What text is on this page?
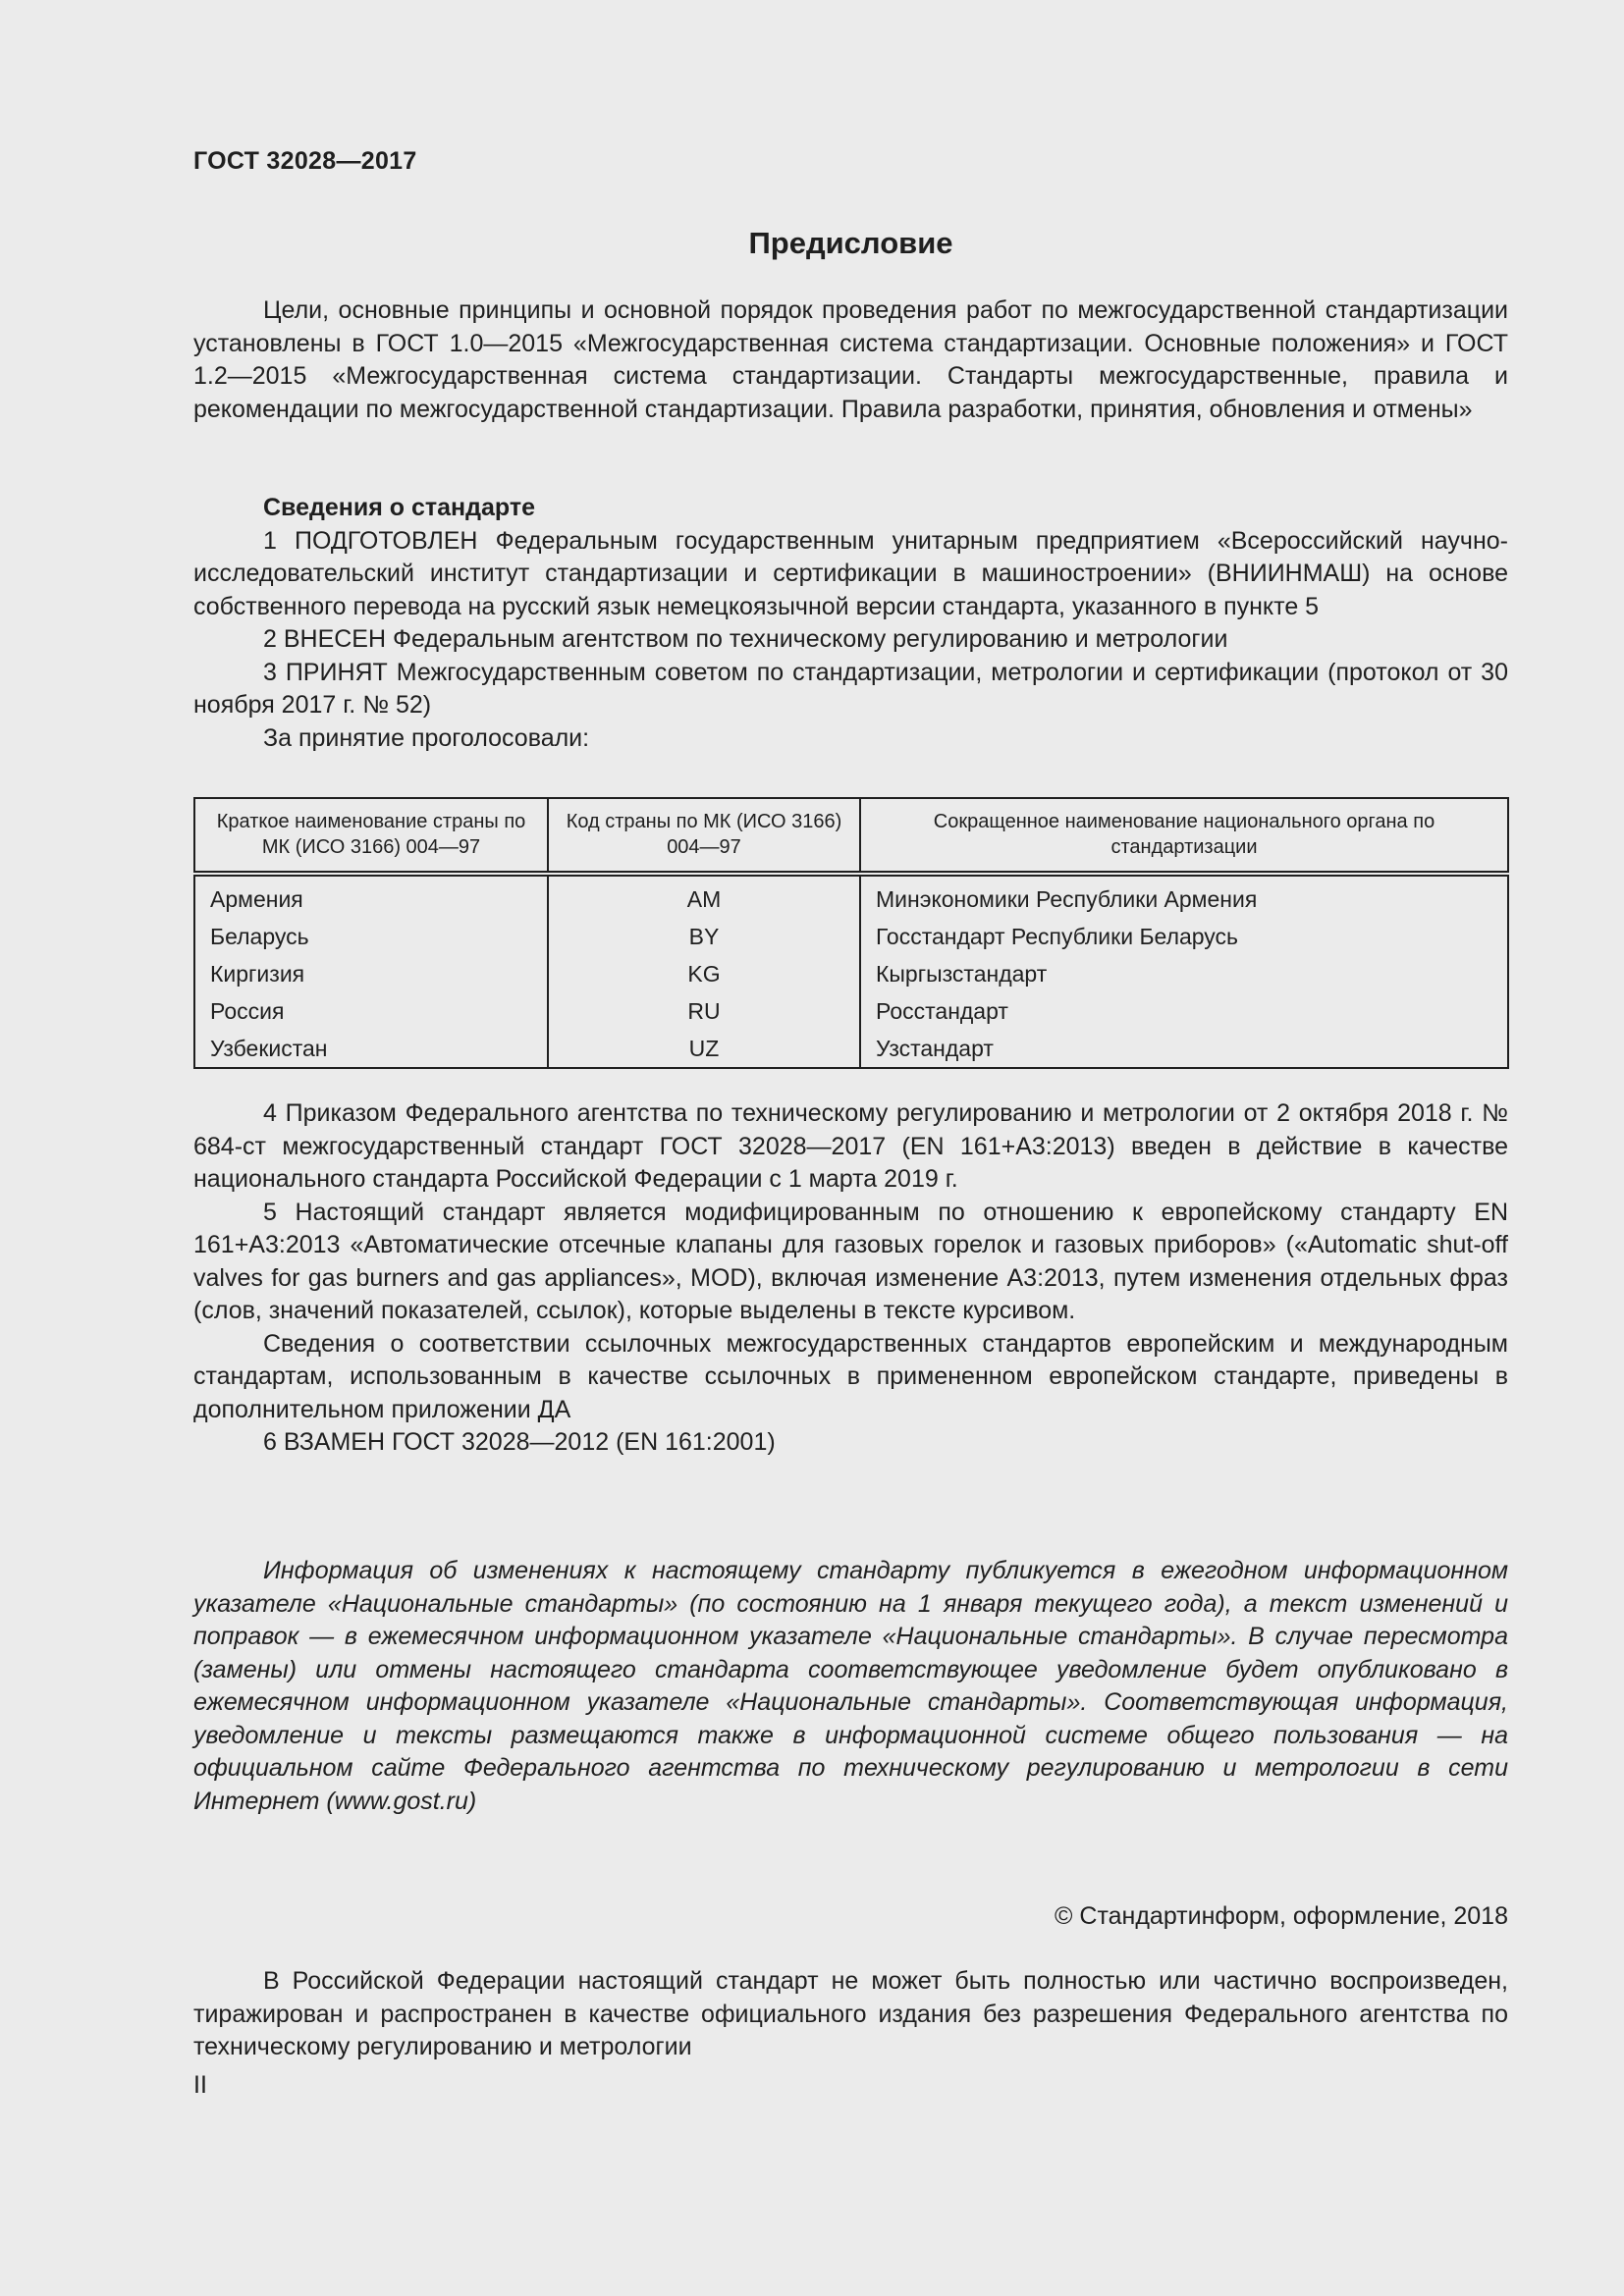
ГОСТ 32028—2017
Предисловие

Цели, основные принципы и основной порядок проведения работ по межгосударственной стандартизации установлены в ГОСТ 1.0—2015 «Межгосударственная система стандартизации. Основные положения» и ГОСТ 1.2—2015 «Межгосударственная система стандартизации. Стандарты межгосударственные, правила и рекомендации по межгосударственной стандартизации. Правила разработки, принятия, обновления и отмены»

Сведения о стандарте

1 ПОДГОТОВЛЕН Федеральным государственным унитарным предприятием «Всероссийский научно-исследовательский институт стандартизации и сертификации в машиностроении» (ВНИИНМАШ) на основе собственного перевода на русский язык немецкоязычной версии стандарта, указанного в пункте 5

2 ВНЕСЕН Федеральным агентством по техническому регулированию и метрологии

3 ПРИНЯТ Межгосударственным советом по стандартизации, метрологии и сертификации (протокол от 30 ноября 2017 г. № 52)

За принятие проголосовали:

Краткое наименование страны по МК (ИСО 3166) 004—97	Код страны по МК (ИСО 3166) 004—97	Сокращенное наименование национального органа по стандартизации
Армения	AM	Минэкономики Республики Армения
Беларусь	BY	Госстандарт Республики Беларусь
Киргизия	KG	Кыргызстандарт
Россия	RU	Росстандарт
Узбекистан	UZ	Узстандарт

4 Приказом Федерального агентства по техническому регулированию и метрологии от 2 октября 2018 г. № 684-ст межгосударственный стандарт ГОСТ 32028—2017 (EN 161+A3:2013) введен в действие в качестве национального стандарта Российской Федерации с 1 марта 2019 г.

5 Настоящий стандарт является модифицированным по отношению к европейскому стандарту EN 161+A3:2013 «Автоматические отсечные клапаны для газовых горелок и газовых приборов» («Automatic shut-off valves for gas burners and gas appliances», MOD), включая изменение A3:2013, путем изменения отдельных фраз (слов, значений показателей, ссылок), которые выделены в тексте курсивом.

Сведения о соответствии ссылочных межгосударственных стандартов европейским и международным стандартам, использованным в качестве ссылочных в примененном европейском стандарте, приведены в дополнительном приложении ДА

6 ВЗАМЕН ГОСТ 32028—2012 (EN 161:2001)

Информация об изменениях к настоящему стандарту публикуется в ежегодном информационном указателе «Национальные стандарты» (по состоянию на 1 января текущего года), а текст изменений и поправок — в ежемесячном информационном указателе «Национальные стандарты». В случае пересмотра (замены) или отмены настоящего стандарта соответствующее уведомление будет опубликовано в ежемесячном информационном указателе «Национальные стандарты». Соответствующая информация, уведомление и тексты размещаются также в информационной системе общего пользования — на официальном сайте Федерального агентства по техническому регулированию и метрологии в сети Интернет (www.gost.ru)

© Стандартинформ, оформление, 2018

В Российской Федерации настоящий стандарт не может быть полностью или частично воспроизведен, тиражирован и распространен в качестве официального издания без разрешения Федерального агентства по техническому регулированию и метрологии

II
